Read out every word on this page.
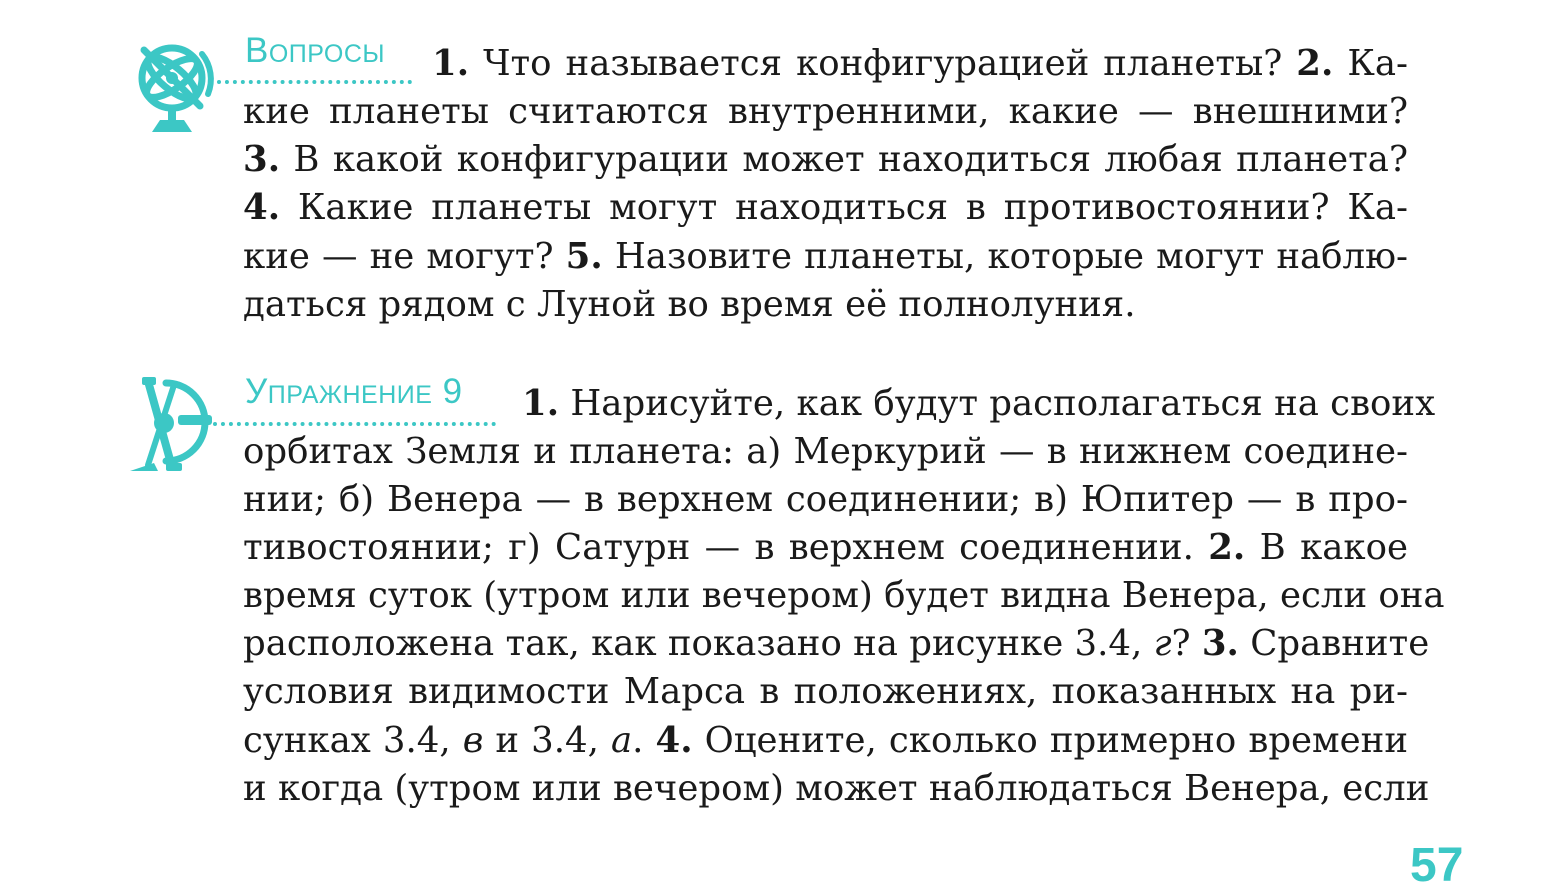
Вопросы 1. Что называется конфигурацией планеты? 2. Ка-
кие планеты считаются внутренними, какие — внешними?
3. В какой конфигурации может находиться любая планета?
4. Какие планеты могут находиться в противостоянии? Ка-
кие — не могут? 5. Назовите планеты, которые могут наблю-
даться рядом с Луной во время её полнолуния.
Упражнение 9 1. Нарисуйте, как будут располагаться на своих
орбитах Земля и планета: а) Меркурий — в нижнем соедине-
нии; б) Венера — в верхнем соединении; в) Юпитер — в про-
тивостоянии; г) Сатурн — в верхнем соединении. 2. В какое
время суток (утром или вечером) будет видна Венера, если она
расположена так, как показано на рисунке 3.4, г? 3. Сравните
условия видимости Марса в положениях, показанных на ри-
сунках 3.4, в и 3.4, а. 4. Оцените, сколько примерно времени
и когда (утром или вечером) может наблюдаться Венера, если
57
